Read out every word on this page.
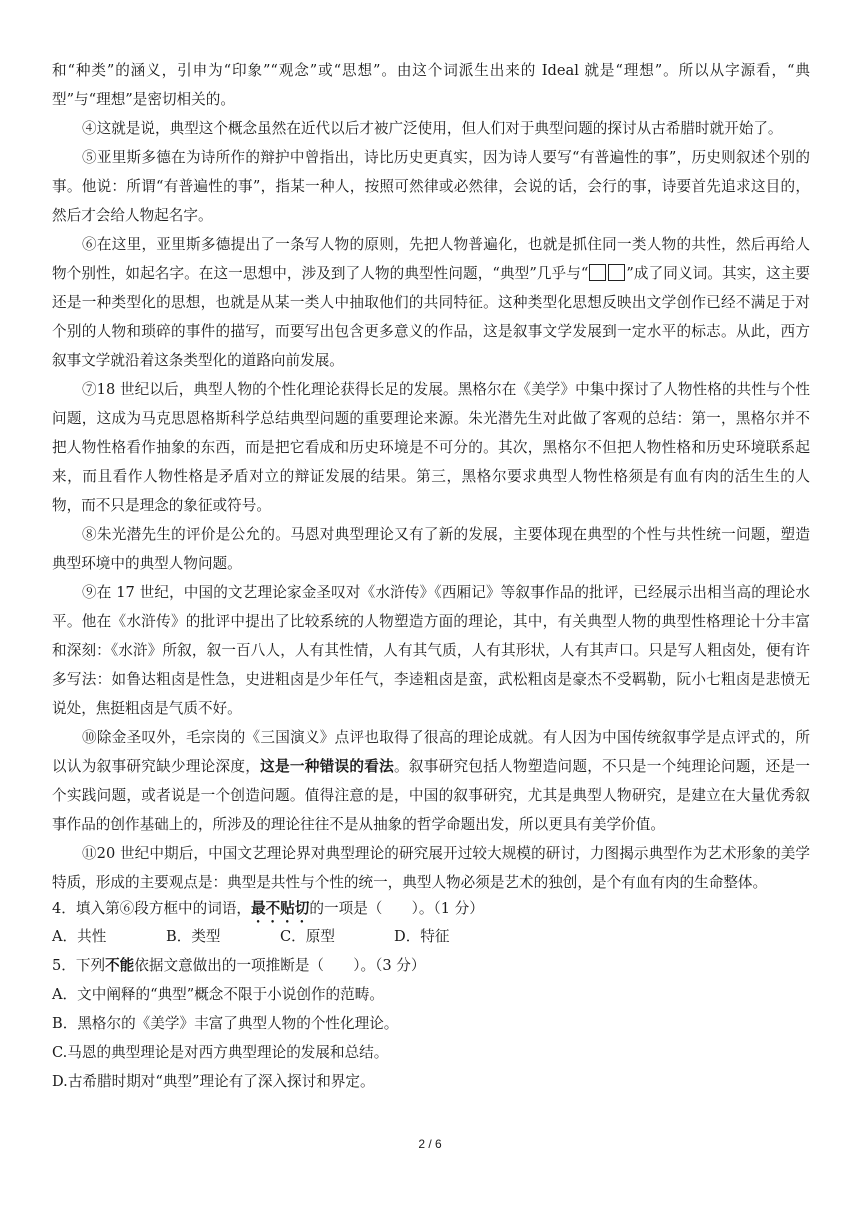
和“种类”的涵义，引申为“印象”“观念”或“思想”。由这个词派生出来的 Ideal 就是“理想”。所以从字源看，“典型”与“理想”是密切相关的。

④这就是说，典型这个概念虽然在近代以后才被广泛使用，但人们对于典型问题的探讨从古希腊时就开始了。

⑤亚里斯多德在为诗所作的辩护中曾指出，诗比历史更真实，因为诗人要写“有普遍性的事”，历史则叙述个别的事。他说：所谓“有普遍性的事”，指某一种人，按照可然律或必然律，会说的话，会行的事，诗要首先追求这目的，然后才会给人物起名字。

⑥在这里，亚里斯多德提出了一条写人物的原则，先把人物普遍化，也就是抓住同一类人物的共性，然后再给人物个别性，如起名字。在这一思想中，涉及到了人物的典型性问题，“典型”几乎与“	”成了同义词。其实，这主要还是一种类型化的思想，也就是从某一类人中抽取他们的共同特征。这种类型化思想反映出文学创作已经不满足于对个别的人物和琐碎的事件的描写，而要写出包含更多意义的作品，这是叙事文学发展到一定水平的标志。从此，西方叙事文学就沿着这条类型化的道路向前发展。

⑦18 世纪以后，典型人物的个性化理论获得长足的发展。黑格尔在《美学》中集中探讨了人物性格的共性与个性问题，这成为马克思恩格斯科学总结典型问题的重要理论来源。朱光潜先生对此做了客观的总结：第一，黑格尔并不把人物性格看作抽象的东西，而是把它看成和历史环境是不可分的。其次，黑格尔不但把人物性格和历史环境联系起来，而且看作人物性格是矛盾对立的辩证发展的结果。第三，黑格尔要求典型人物性格须是有血有肉的活生生的人物，而不只是理念的象征或符号。

⑧朱光潜先生的评价是公允的。马恩对典型理论又有了新的发展，主要体现在典型的个性与共性统一问题，塑造典型环境中的典型人物问题。

⑨在 17 世纪，中国的文艺理论家金圣叹对《水浒传》《西厢记》等叙事作品的批评，已经展示出相当高的理论水平。他在《水浒传》的批评中提出了比较系统的人物塑造方面的理论，其中，有关典型人物的典型性格理论十分丰富和深刻：《水浒》所叙，叙一百八人，人有其性情，人有其气质，人有其形状，人有其声口。只是写人粗卤处，便有许多写法：如鲁达粗卤是性急，史进粗卤是少年任气，李逵粗卤是蛮，武松粗卤是豪杰不受羁勒，阮小七粗卤是悲愤无说处，焦挺粗卤是气质不好。

⑩除金圣叹外，毛宗岗的《三国演义》点评也取得了很高的理论成就。有人因为中国传统叙事学是点评式的，所以认为叙事研究缺少理论深度，这是一种错误的看法。叙事研究包括人物塑造问题，不只是一个纯理论问题，还是一个实践问题，或者说是一个创造问题。值得注意的是，中国的叙事研究，尤其是典型人物研究，是建立在大量优秀叙事作品的创作基础上的，所涉及的理论往往不是从抽象的哲学命题出发，所以更具有美学价值。

⑪20 世纪中期后，中国文艺理论界对典型理论的研究展开过较大规模的研讨，力图揭示典型作为艺术形象的美学特质，形成的主要观点是：典型是共性与个性的统一，典型人物必须是艺术的独创，是个有血有肉的生命整体。

4．填入第⑥段方框中的词语，最不贴切的一项是（　　）。（1 分）
A．共性	B．类型	C．原型	D．特征
5．下列不能依据文意做出的一项推断是（　　）。（3 分）
A．文中阐释的“典型”概念不限于小说创作的范畴。
B．黑格尔的《美学》丰富了典型人物的个性化理论。
C.马恩的典型理论是对西方典型理论的发展和总结。
D.古希腊时期对“典型”理论有了深入探讨和界定。
2 / 6
